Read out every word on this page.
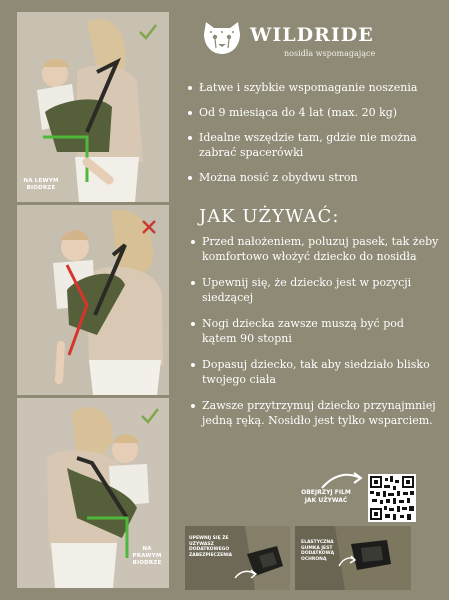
NA LEWYM BIODRZE
NA PRAWYM BIODRZE
WILDRIDE
nosidła wspomagające
Łatwe i szybkie wspomaganie noszenia
Od 9 miesiąca do 4 lat (max. 20 kg)
Idealne wszędzie tam, gdzie nie można zabrać spacerówki
Można nosić z obydwu stron
JAK UŻYWAĆ:
Przed nałożeniem, poluzuj pasek, tak żeby komfortowo włożyć dziecko do nosidła
Upewnij się, że dziecko jest w pozycji siedzącej
Nogi dziecka zawsze muszą być pod kątem 90 stopni
Dopasuj dziecko, tak aby siedziało blisko twojego ciała
Zawsze przytrzymuj dziecko przynajmniej jedną ręką. Nosidło jest tylko wsparciem.
OBEJRZYJ FILM JAK UŻYWAĆ
UPEWNIJ SIĘ ŻE UŻYWASZ DODATKOWEGO ZABEZPIECZENIA
ELASTYCZNA GUMKA JEST DODATKOWĄ OCHRONĄ
